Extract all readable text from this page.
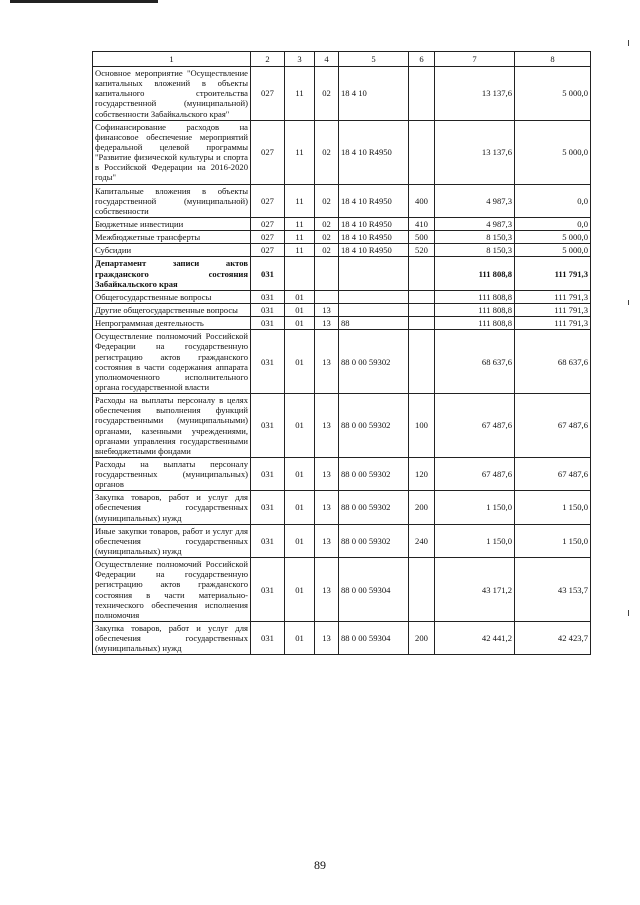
1	2	3	4	5	6	7	8
Основное мероприятие "Осуществление капитальных вложений в объекты капитального строительства государственной (муниципальной) собственности Забайкальского края"	027	11	02	18 4 10		13 137,6	5 000,0
Софинансирование расходов на финансовое обеспечение мероприятий федеральной целевой программы "Развитие физической культуры и спорта в Российской Федерации на 2016-2020 годы"	027	11	02	18 4 10 R4950		13 137,6	5 000,0
Капитальные вложения в объекты государственной (муниципальной) собственности	027	11	02	18 4 10 R4950	400	4 987,3	0,0
Бюджетные инвестиции	027	11	02	18 4 10 R4950	410	4 987,3	0,0
Межбюджетные трансферты	027	11	02	18 4 10 R4950	500	8 150,3	5 000,0
Субсидии	027	11	02	18 4 10 R4950	520	8 150,3	5 000,0
Департамент записи актов гражданского состояния Забайкальского края	031					111 808,8	111 791,3
Общегосударственные вопросы	031	01				111 808,8	111 791,3
Другие общегосударственные вопросы	031	01	13			111 808,8	111 791,3
Непрограммная деятельность	031	01	13	88		111 808,8	111 791,3
Осуществление полномочий Российской Федерации на государственную регистрацию актов гражданского состояния в части содержания аппарата уполномоченного исполнительного органа государственной власти	031	01	13	88 0 00 59302		68 637,6	68 637,6
Расходы на выплаты персоналу в целях обеспечения выполнения функций государственными (муниципальными) органами, казенными учреждениями, органами управления государственными внебюджетными фондами	031	01	13	88 0 00 59302	100	67 487,6	67 487,6
Расходы на выплаты персоналу государственных (муниципальных) органов	031	01	13	88 0 00 59302	120	67 487,6	67 487,6
Закупка товаров, работ и услуг для обеспечения государственных (муниципальных) нужд	031	01	13	88 0 00 59302	200	1 150,0	1 150,0
Иные закупки товаров, работ и услуг для обеспечения государственных (муниципальных) нужд	031	01	13	88 0 00 59302	240	1 150,0	1 150,0
Осуществление полномочий Российской Федерации на государственную регистрацию актов гражданского состояния в части материально-технического обеспечения исполнения полномочия	031	01	13	88 0 00 59304		43 171,2	43 153,7
Закупка товаров, работ и услуг для обеспечения государственных (муниципальных) нужд	031	01	13	88 0 00 59304	200	42 441,2	42 423,7
89
